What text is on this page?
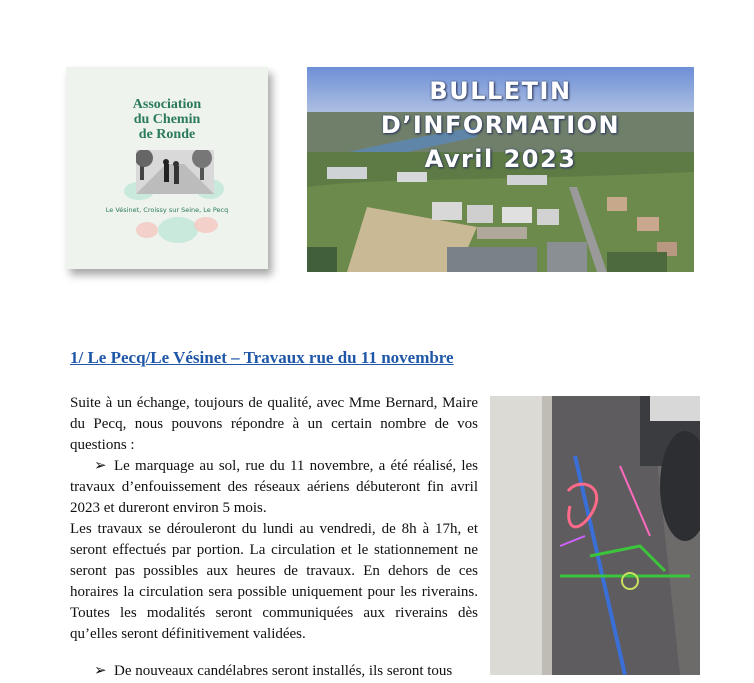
Association
du Chemin
de Ronde
Le Vésinet, Croissy sur Seine, Le Pecq
BULLETIN
D’INFORMATION
Avril 2023
1/ Le Pecq/Le Vésinet – Travaux rue du 11 novembre
Suite à un échange, toujours de qualité, avec Mme Bernard, Maire du Pecq, nous pouvons répondre à un certain nombre de vos questions :
➢ Le marquage au sol, rue du 11 novembre, a été réalisé, les travaux d’enfouissement des réseaux aériens débuteront fin avril 2023 et dureront environ 5 mois.
Les travaux se dérouleront du lundi au vendredi, de 8h à 17h, et seront effectués par portion. La circulation et le stationnement ne seront pas possibles aux heures de travaux. En dehors de ces horaires la circulation sera possible uniquement pour les riverains. Toutes les modalités seront communiquées aux riverains dès qu’elles seront définitivement validées.
➢ De nouveaux candélabres seront installés, ils seront tous
